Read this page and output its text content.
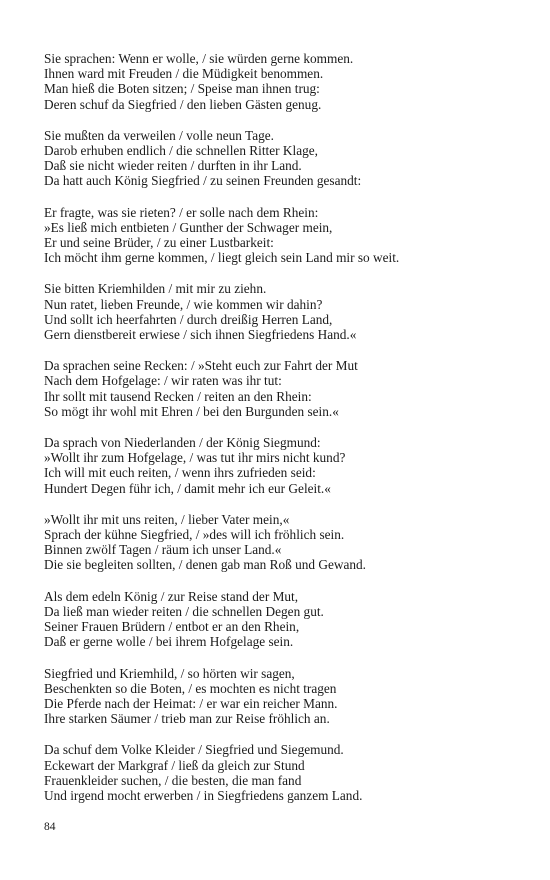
Sie sprachen: Wenn er wolle, / sie würden gerne kommen.
Ihnen ward mit Freuden / die Müdigkeit benommen.
Man hieß die Boten sitzen; / Speise man ihnen trug:
Deren schuf da Siegfried / den lieben Gästen genug.
Sie mußten da verweilen / volle neun Tage.
Darob erhuben endlich / die schnellen Ritter Klage,
Daß sie nicht wieder reiten / durften in ihr Land.
Da hatt auch König Siegfried / zu seinen Freunden gesandt:
Er fragte, was sie rieten? / er solle nach dem Rhein:
»Es ließ mich entbieten / Gunther der Schwager mein,
Er und seine Brüder, / zu einer Lustbarkeit:
Ich möcht ihm gerne kommen, / liegt gleich sein Land mir so weit.
Sie bitten Kriemhilden / mit mir zu ziehn.
Nun ratet, lieben Freunde, / wie kommen wir dahin?
Und sollt ich heerfahrten / durch dreißig Herren Land,
Gern dienstbereit erwiese / sich ihnen Siegfriedens Hand.«
Da sprachen seine Recken: / »Steht euch zur Fahrt der Mut
Nach dem Hofgelage: / wir raten was ihr tut:
Ihr sollt mit tausend Recken / reiten an den Rhein:
So mögt ihr wohl mit Ehren / bei den Burgunden sein.«
Da sprach von Niederlanden / der König Siegmund:
»Wollt ihr zum Hofgelage, / was tut ihr mirs nicht kund?
Ich will mit euch reiten, / wenn ihrs zufrieden seid:
Hundert Degen führ ich, / damit mehr ich eur Geleit.«
»Wollt ihr mit uns reiten, / lieber Vater mein,«
Sprach der kühne Siegfried, / »des will ich fröhlich sein.
Binnen zwölf Tagen / räum ich unser Land.«
Die sie begleiten sollten, / denen gab man Roß und Gewand.
Als dem edeln König / zur Reise stand der Mut,
Da ließ man wieder reiten / die schnellen Degen gut.
Seiner Frauen Brüdern / entbot er an den Rhein,
Daß er gerne wolle / bei ihrem Hofgelage sein.
Siegfried und Kriemhild, / so hörten wir sagen,
Beschenkten so die Boten, / es mochten es nicht tragen
Die Pferde nach der Heimat: / er war ein reicher Mann.
Ihre starken Säumer / trieb man zur Reise fröhlich an.
Da schuf dem Volke Kleider / Siegfried und Siegemund.
Eckewart der Markgraf / ließ da gleich zur Stund
Frauenkleider suchen, / die besten, die man fand
Und irgend mocht erwerben / in Siegfriedens ganzem Land.
84
